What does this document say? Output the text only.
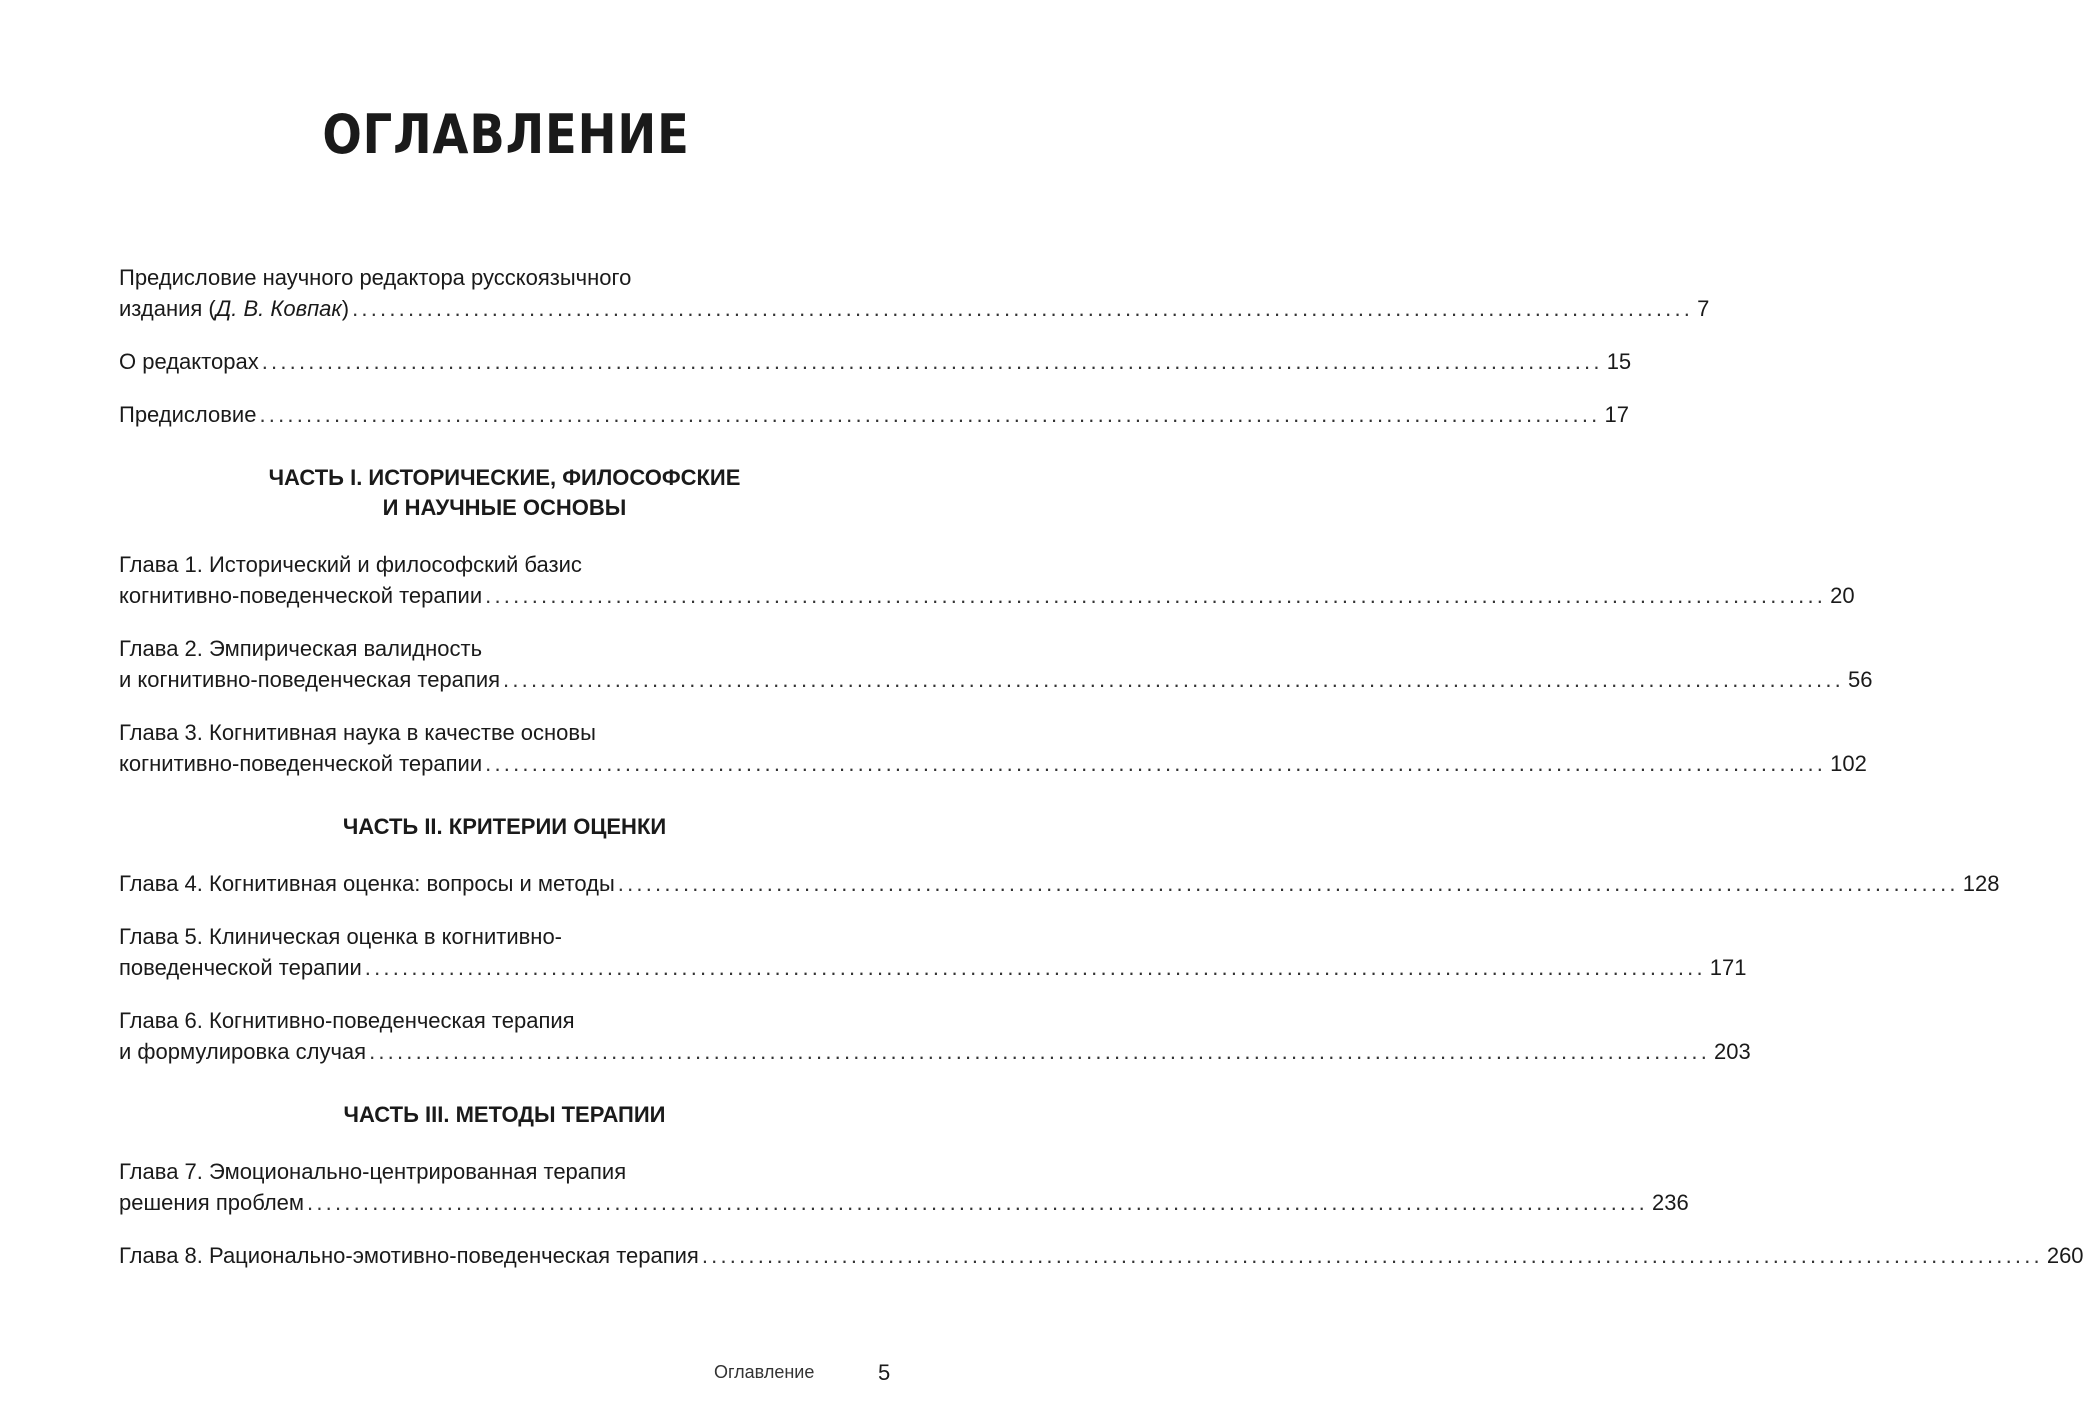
ОГЛАВЛЕНИЕ
Предисловие научного редактора русскоязычного
издания (Д. В. Ковпак) ................................................................................................................................................ 7
О редакторах ................................................................................................................................................ 15
Предисловие ................................................................................................................................................ 17
ЧАСТЬ I. ИСТОРИЧЕСКИЕ, ФИЛОСОФСКИЕ
И НАУЧНЫЕ ОСНОВЫ
Глава 1. Исторический и философский базис
когнитивно-поведенческой терапии ................................................................................................................................................ 20
Глава 2. Эмпирическая валидность
и когнитивно-поведенческая терапия ................................................................................................................................................ 56
Глава 3. Когнитивная наука в качестве основы
когнитивно-поведенческой терапии ................................................................................................................................................ 102
ЧАСТЬ II. КРИТЕРИИ ОЦЕНКИ
Глава 4. Когнитивная оценка: вопросы и методы ................................................................................................................................................ 128
Глава 5. Клиническая оценка в когнитивно-
поведенческой терапии ................................................................................................................................................ 171
Глава 6. Когнитивно-поведенческая терапия
и формулировка случая ................................................................................................................................................ 203
ЧАСТЬ III. МЕТОДЫ ТЕРАПИИ
Глава 7. Эмоционально-центрированная терапия
решения проблем ................................................................................................................................................ 236
Глава 8. Рационально-эмотивно-поведенческая терапия ................................................................................................................................................ 260
Оглавление	5
